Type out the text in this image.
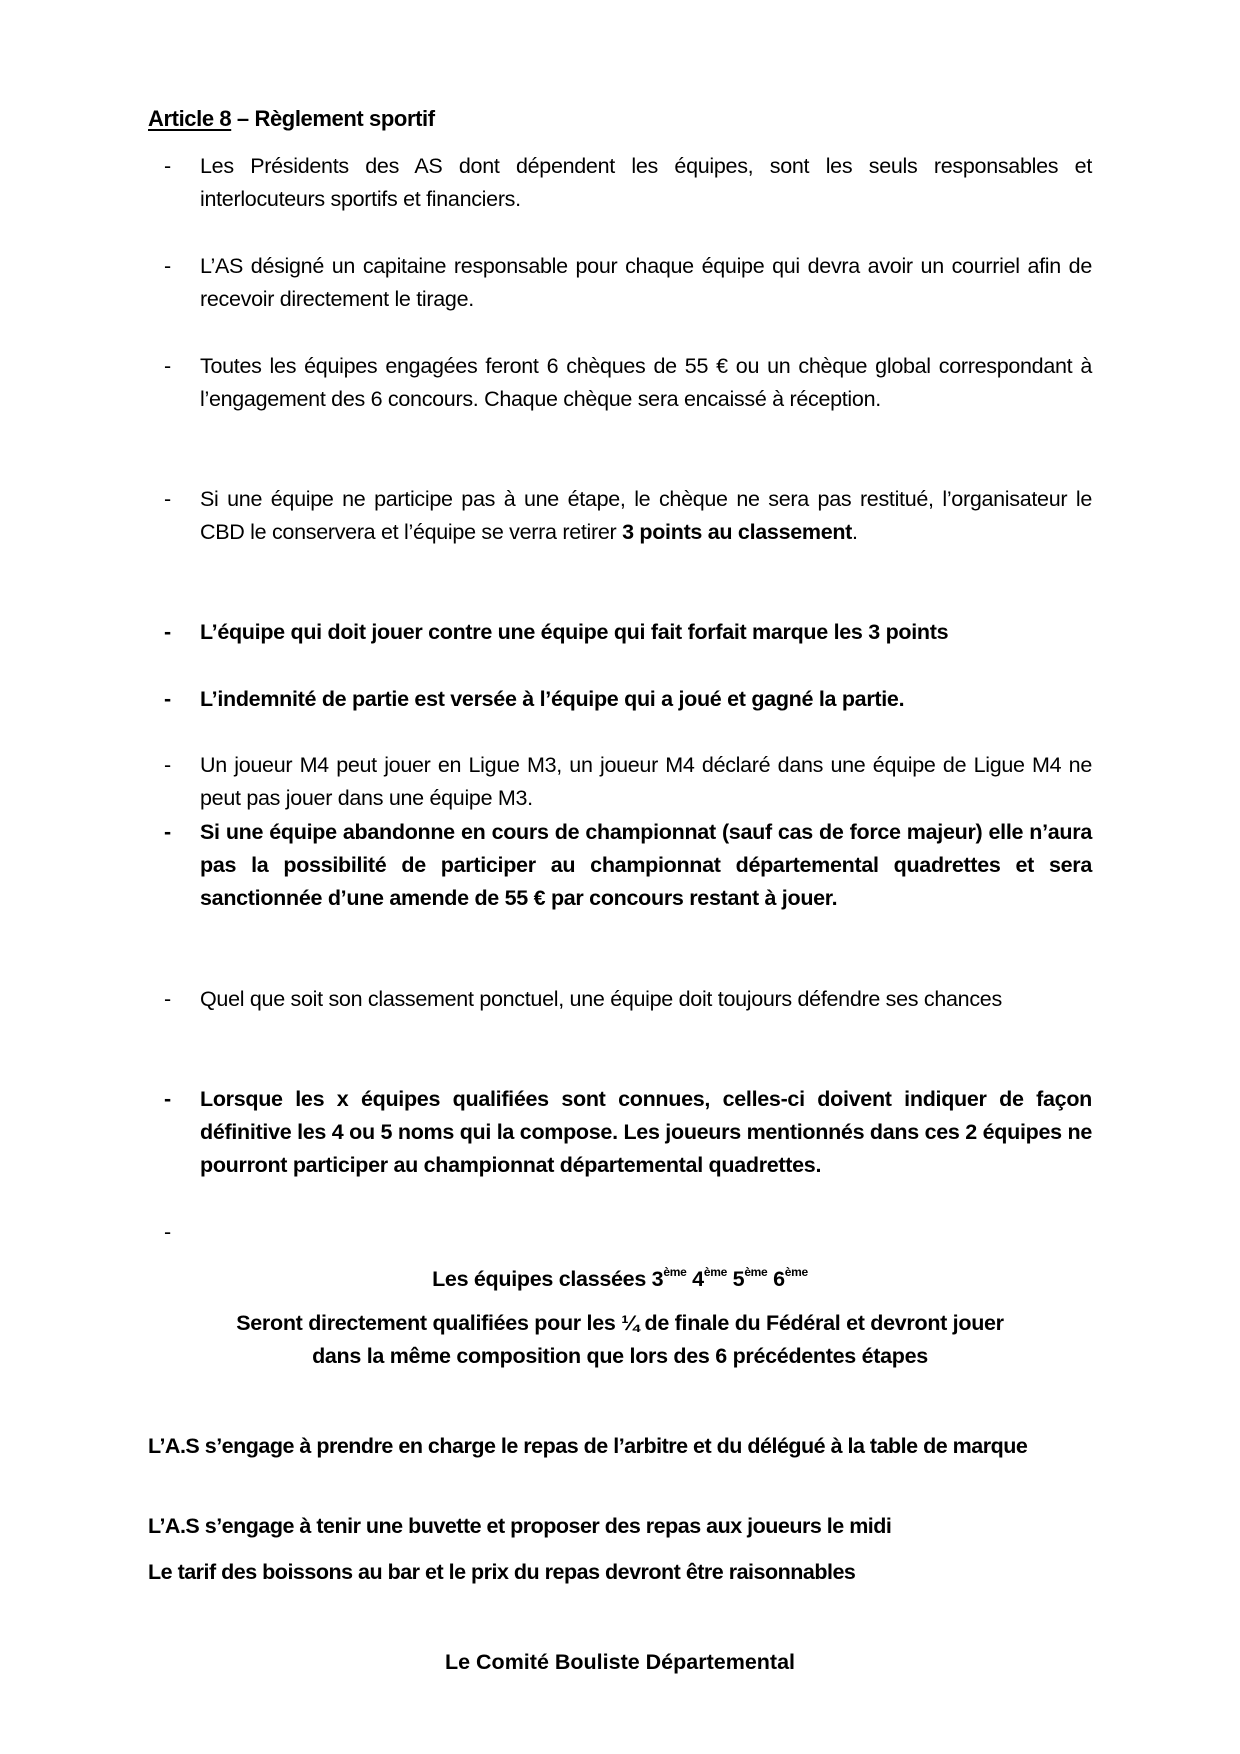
Article 8 – Règlement sportif
- Les Présidents des AS dont dépendent les équipes, sont les seuls responsables et interlocuteurs sportifs et financiers.
- L’AS désigné un capitaine responsable pour chaque équipe qui devra avoir un courriel afin de recevoir directement le tirage.
- Toutes les équipes engagées feront 6 chèques de 55 € ou un chèque global correspondant à l’engagement des 6 concours. Chaque chèque sera encaissé à réception.
- Si une équipe ne participe pas à une étape, le chèque ne sera pas restitué, l’organisateur le CBD le conservera et l’équipe se verra retirer 3 points au classement.
- L’équipe qui doit jouer contre une équipe qui fait forfait marque les 3 points
- L’indemnité de partie est versée à l’équipe qui a joué et gagné la partie.
- Un joueur M4 peut jouer en Ligue M3, un joueur M4 déclaré dans une équipe de Ligue M4 ne peut pas jouer dans une équipe M3.
- Si une équipe abandonne en cours de championnat (sauf cas de force majeur) elle n’aura pas la possibilité de participer au championnat départemental quadrettes et sera sanctionnée d’une amende de 55 € par concours restant à jouer.
- Quel que soit son classement ponctuel, une équipe doit toujours défendre ses chances
- Lorsque les x équipes qualifiées sont connues, celles-ci doivent indiquer de façon définitive les 4 ou 5 noms qui la compose. Les joueurs mentionnés dans ces 2 équipes ne pourront participer au championnat départemental quadrettes.
-
Les équipes classées 3ème 4ème 5ème 6ème
Seront directement qualifiées pour les ¼ de finale du Fédéral et devront jouer
dans la même composition que lors des 6 précédentes étapes
L’A.S s’engage à prendre en charge le repas de l’arbitre et du délégué à la table de marque
L’A.S s’engage à tenir une buvette et proposer des repas aux joueurs le midi
Le tarif des boissons au bar et le prix du repas devront être raisonnables
Le Comité Bouliste Départemental
